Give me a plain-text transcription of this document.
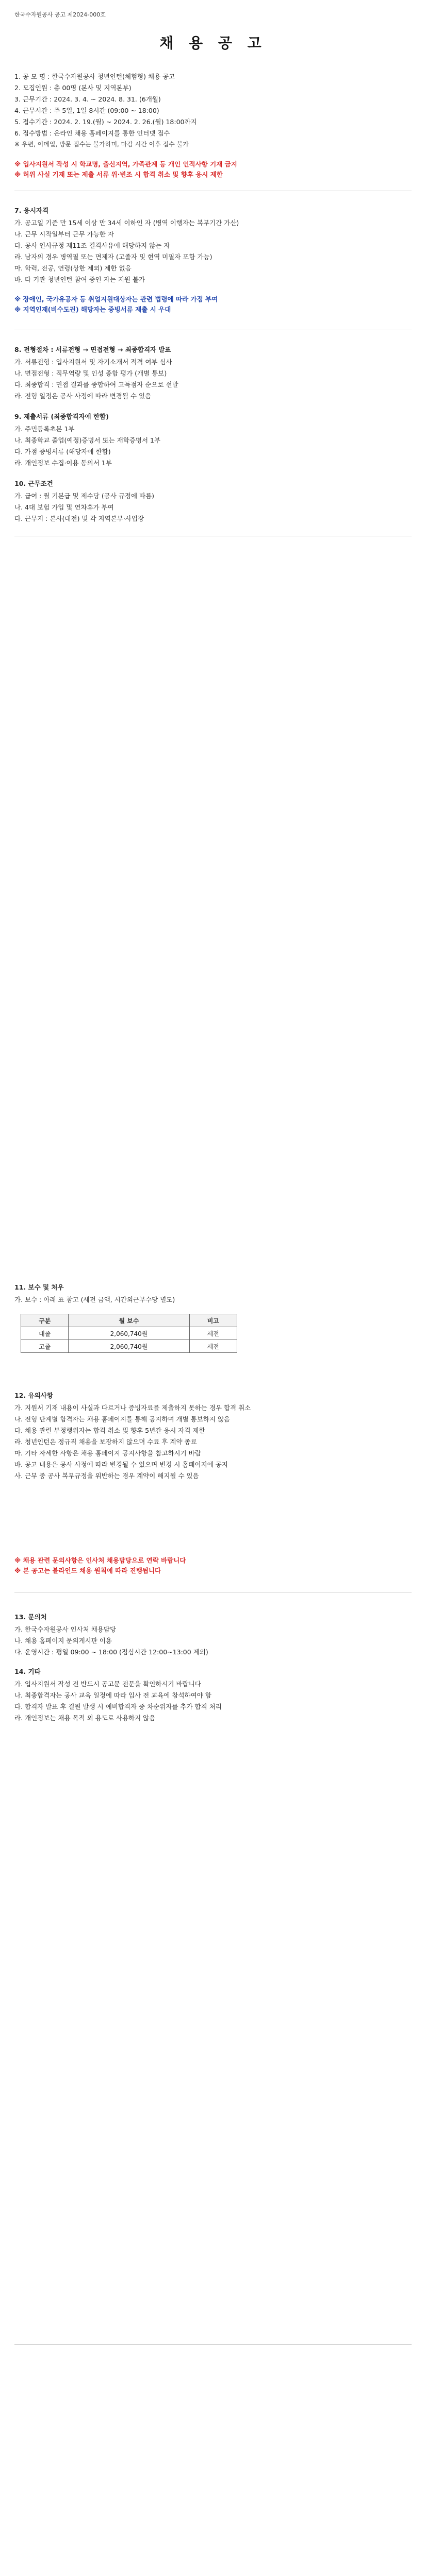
한국수자원공사 공고 제2024-000호
채 용 공 고
1. 공 모 명 : 한국수자원공사 청년인턴(체험형) 채용 공고
2. 모집인원 : 총 00명 (본사 및 지역본부)
3. 근무기간 : 2024. 3. 4. ~ 2024. 8. 31. (6개월)
4. 근무시간 : 주 5일, 1일 8시간 (09:00 ~ 18:00)
5. 접수기간 : 2024. 2. 19.(월) ~ 2024. 2. 26.(월) 18:00까지
6. 접수방법 : 온라인 채용 홈페이지를 통한 인터넷 접수
※ 우편, 이메일, 방문 접수는 불가하며, 마감 시간 이후 접수 불가
※ 입사지원서 작성 시 학교명, 출신지역, 가족관계 등 개인 인적사항 기재 금지
※ 허위 사실 기재 또는 제출 서류 위·변조 시 합격 취소 및 향후 응시 제한
7. 응시자격
가. 공고일 기준 만 15세 이상 만 34세 이하인 자 (병역 이행자는 복무기간 가산)
나. 근무 시작일부터 근무 가능한 자
다. 공사 인사규정 제11조 결격사유에 해당하지 않는 자
라. 남자의 경우 병역필 또는 면제자 (고졸자 및 현역 미필자 포함 가능)
마. 학력, 전공, 연령(상한 제외) 제한 없음
바. 타 기관 청년인턴 참여 중인 자는 지원 불가
※ 장애인, 국가유공자 등 취업지원대상자는 관련 법령에 따라 가점 부여
※ 지역인재(비수도권) 해당자는 증빙서류 제출 시 우대
8. 전형절차 : 서류전형 → 면접전형 → 최종합격자 발표
가. 서류전형 : 입사지원서 및 자기소개서 적격 여부 심사
나. 면접전형 : 직무역량 및 인성 종합 평가 (개별 통보)
다. 최종합격 : 면접 결과를 종합하여 고득점자 순으로 선발
라. 전형 일정은 공사 사정에 따라 변경될 수 있음
9. 제출서류 (최종합격자에 한함)
가. 주민등록초본 1부
나. 최종학교 졸업(예정)증명서 또는 재학증명서 1부
다. 가점 증빙서류 (해당자에 한함)
라. 개인정보 수집·이용 동의서 1부
10. 근무조건
가. 급여 : 월 기본급 및 제수당 (공사 규정에 따름)
나. 4대 보험 가입 및 연차휴가 부여
다. 근무지 : 본사(대전) 및 각 지역본부·사업장
11. 보수 및 처우
가. 보수 : 아래 표 참고 (세전 금액, 시간외근무수당 별도)
구분	월 보수	비고
대졸	2,060,740원	세전
고졸	2,060,740원	세전
12. 유의사항
가. 지원서 기재 내용이 사실과 다르거나 증빙자료를 제출하지 못하는 경우 합격 취소
나. 전형 단계별 합격자는 채용 홈페이지를 통해 공지하며 개별 통보하지 않음
다. 채용 관련 부정행위자는 합격 취소 및 향후 5년간 응시 자격 제한
라. 청년인턴은 정규직 채용을 보장하지 않으며 수료 후 계약 종료
마. 기타 자세한 사항은 채용 홈페이지 공지사항을 참고하시기 바람
바. 공고 내용은 공사 사정에 따라 변경될 수 있으며 변경 시 홈페이지에 공지
사. 근무 중 공사 복무규정을 위반하는 경우 계약이 해지될 수 있음
※ 채용 관련 문의사항은 인사처 채용담당으로 연락 바랍니다
※ 본 공고는 블라인드 채용 원칙에 따라 진행됩니다
13. 문의처
가. 한국수자원공사 인사처 채용담당
나. 채용 홈페이지 문의게시판 이용
다. 운영시간 : 평일 09:00 ~ 18:00 (점심시간 12:00~13:00 제외)
14. 기타
가. 입사지원서 작성 전 반드시 공고문 전문을 확인하시기 바랍니다
나. 최종합격자는 공사 교육 일정에 따라 입사 전 교육에 참석하여야 함
다. 합격자 발표 후 결원 발생 시 예비합격자 중 차순위자를 추가 합격 처리
라. 개인정보는 채용 목적 외 용도로 사용하지 않음
